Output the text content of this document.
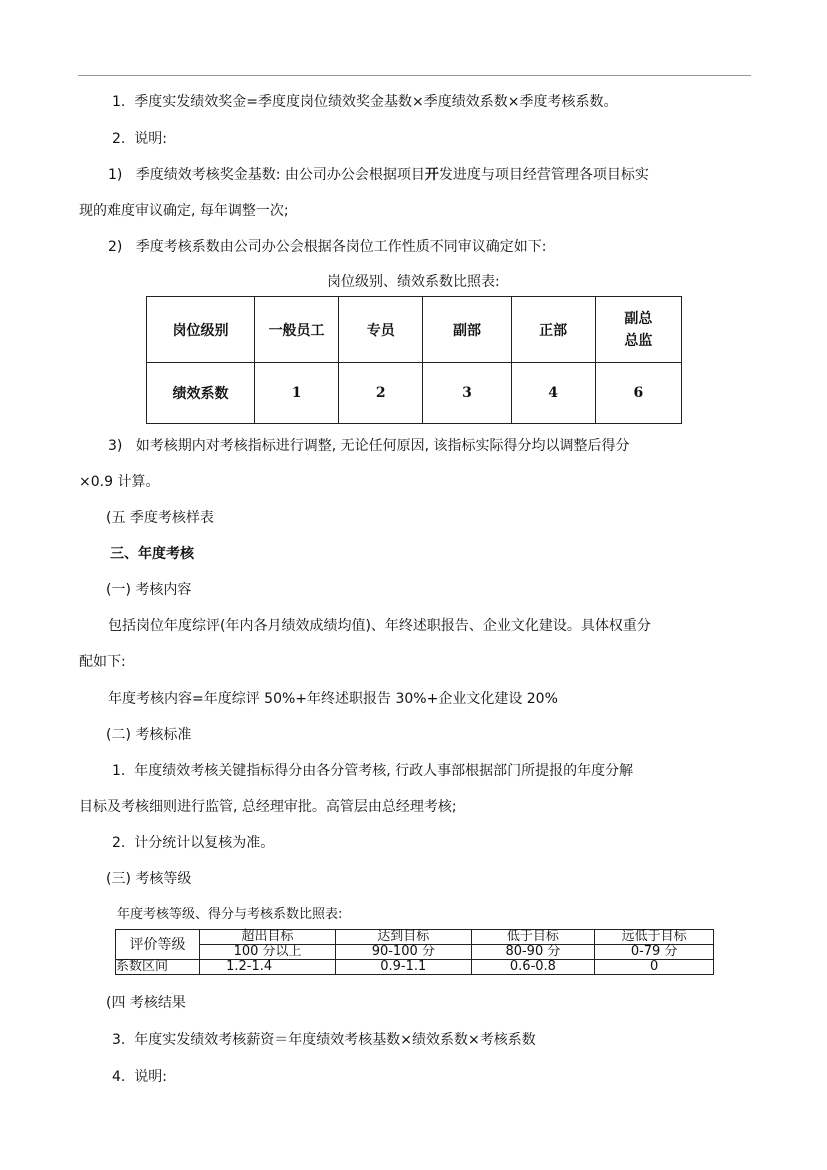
1.  季度实发绩效奖金=季度度岗位绩效奖金基数×季度绩效系数×季度考核系数。
2.  说明:
1)   季度绩效考核奖金基数: 由公司办公会根据项目开发进度与项目经营管理各项目标实
现的难度审议确定, 每年调整一次;
2)   季度考核系数由公司办公会根据各岗位工作性质不同审议确定如下:
岗位级别、绩效系数比照表:
岗位级别	一般员工	专员	副部	正部	副总
总监
绩效系数	1	2	3	4	6
3)   如考核期内对考核指标进行调整, 无论任何原因, 该指标实际得分均以调整后得分
×0.9 计算。
(五 季度考核样表
三、年度考核
(一) 考核内容
包括岗位年度综评(年内各月绩效成绩均值)、年终述职报告、企业文化建设。具体权重分
配如下:
年度考核内容=年度综评 50%+年终述职报告 30%+企业文化建设 20%
(二) 考核标准
1.  年度绩效考核关键指标得分由各分管考核, 行政人事部根据部门所提报的年度分解
目标及考核细则进行监管, 总经理审批。高管层由总经理考核;
2.  计分统计以复核为准。
(三) 考核等级
年度考核等级、得分与考核系数比照表:
评价等级	超出目标	达到目标	低于目标	远低于目标
	100 分以上	90-100 分	80-90 分	0-79 分
系数区间	1.2-1.4	0.9-1.1	0.6-0.8	0
(四 考核结果
3.  年度实发绩效考核薪资＝年度绩效考核基数×绩效系数×考核系数
4.  说明:
